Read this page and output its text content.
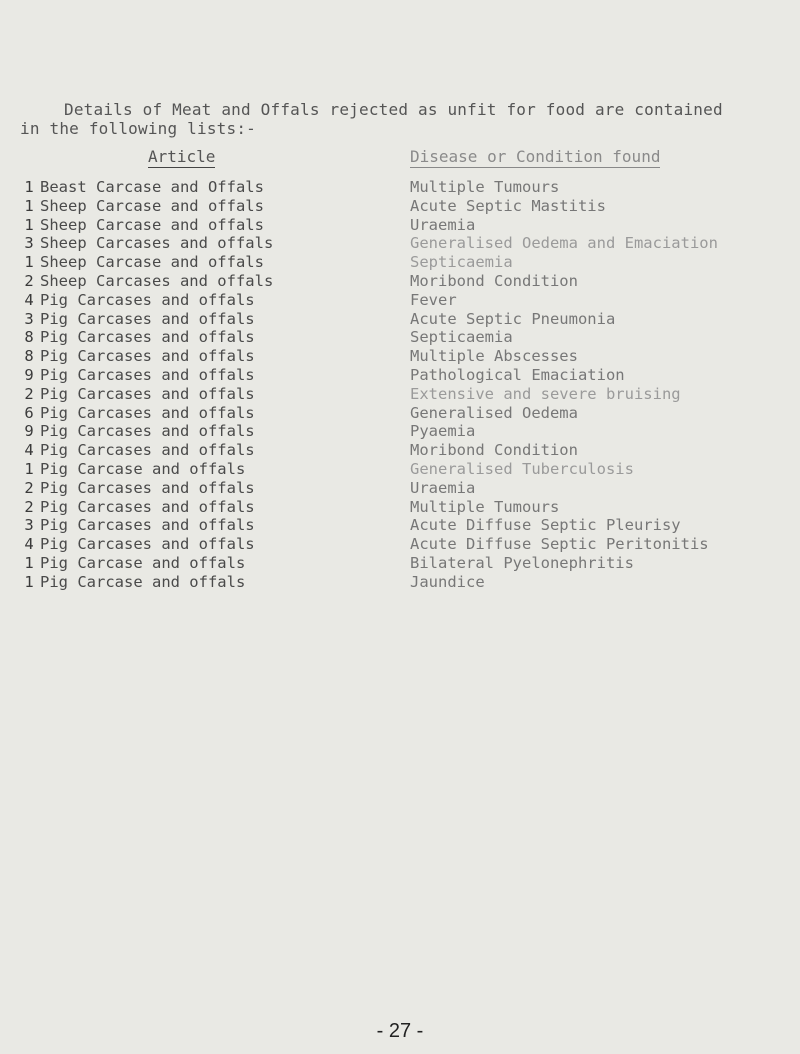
Details of Meat and Offals rejected as unfit for food are contained
in the following lists:-
Article	Disease or Condition found
1 Beast Carcase and Offals	Multiple Tumours
1 Sheep Carcase and offals	Acute Septic Mastitis
1 Sheep Carcase and offals	Uraemia
3 Sheep Carcases and offals	Generalised Oedema and Emaciation
1 Sheep Carcase and offals	Septicaemia
2 Sheep Carcases and offals	Moribond Condition
4 Pig Carcases and offals	Fever
3 Pig Carcases and offals	Acute Septic Pneumonia
8 Pig Carcases and offals	Septicaemia
8 Pig Carcases and offals	Multiple Abscesses
9 Pig Carcases and offals	Pathological Emaciation
2 Pig Carcases and offals	Extensive and severe bruising
6 Pig Carcases and offals	Generalised Oedema
9 Pig Carcases and offals	Pyaemia
4 Pig Carcases and offals	Moribond Condition
1 Pig Carcase and offals	Generalised Tuberculosis
2 Pig Carcases and offals	Uraemia
2 Pig Carcases and offals	Multiple Tumours
3 Pig Carcases and offals	Acute Diffuse Septic Pleurisy
4 Pig Carcases and offals	Acute Diffuse Septic Peritonitis
1 Pig Carcase and offals	Bilateral Pyelonephritis
1 Pig Carcase and offals	Jaundice
- 27 -
